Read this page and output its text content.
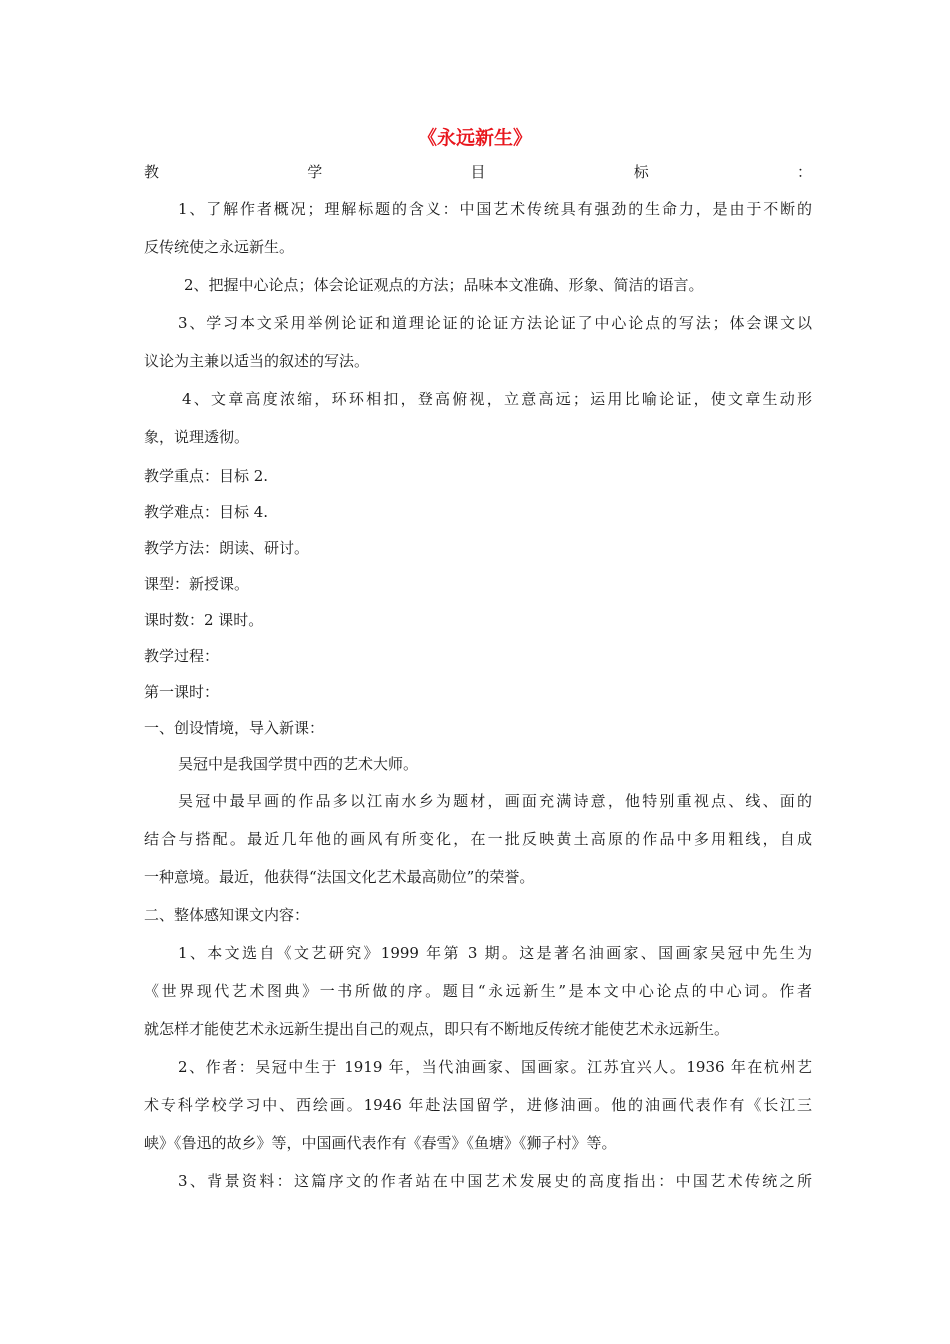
《永远新生》
教学目标：
1、了解作者概况；理解标题的含义：中国艺术传统具有强劲的生命力，是由于不断的
反传统使之永远新生。
2、把握中心论点；体会论证观点的方法；品味本文准确、形象、简洁的语言。
3、学习本文采用举例论证和道理论证的论证方法论证了中心论点的写法；体会课文以
议论为主兼以适当的叙述的写法。
4、文章高度浓缩，环环相扣，登高俯视，立意高远；运用比喻论证，使文章生动形
象，说理透彻。
教学重点：目标 2.
教学难点：目标 4.
教学方法：朗读、研讨。
课型：新授课。
课时数：2 课时。
教学过程：
第一课时：
一、创设情境，导入新课：
吴冠中是我国学贯中西的艺术大师。
吴冠中最早画的作品多以江南水乡为题材，画面充满诗意，他特别重视点、线、面的
结合与搭配。最近几年他的画风有所变化，在一批反映黄土高原的作品中多用粗线，自成
一种意境。最近，他获得“法国文化艺术最高勋位”的荣誉。
二、整体感知课文内容：
1、本文选自《文艺研究》1999 年第 3 期。这是著名油画家、国画家吴冠中先生为
《世界现代艺术图典》一书所做的序。题目“永远新生”是本文中心论点的中心词。作者
就怎样才能使艺术永远新生提出自己的观点，即只有不断地反传统才能使艺术永远新生。
2、作者：吴冠中生于 1919 年，当代油画家、国画家。江苏宜兴人。1936 年在杭州艺
术专科学校学习中、西绘画。1946 年赴法国留学，进修油画。他的油画代表作有《长江三
峡》《鲁迅的故乡》等，中国画代表作有《春雪》《鱼塘》《狮子村》等。
3、背景资料：这篇序文的作者站在中国艺术发展史的高度指出：中国艺术传统之所
